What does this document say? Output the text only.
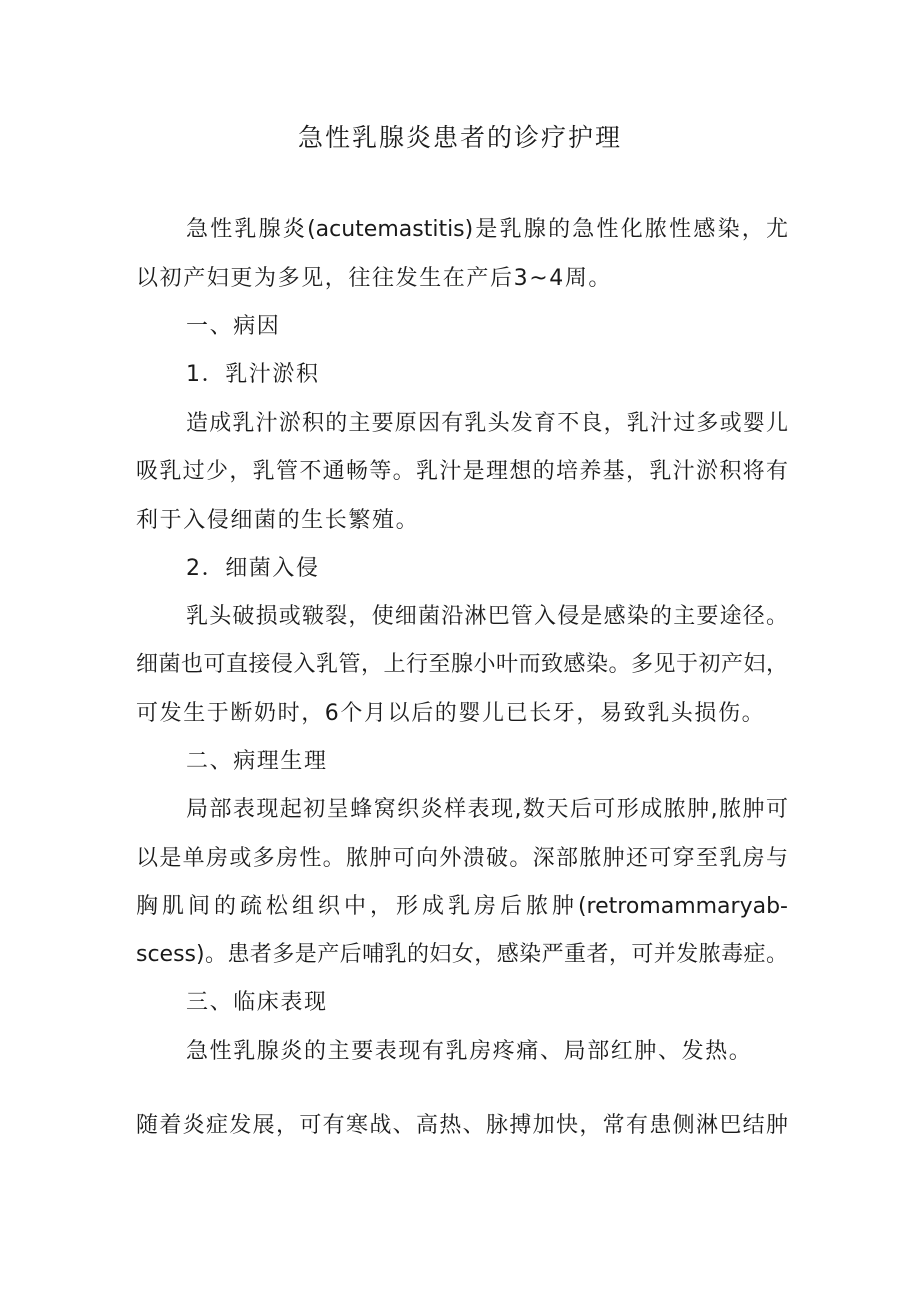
急性乳腺炎患者的诊疗护理
急性乳腺炎(acutemastitis)是乳腺的急性化脓性感染，尤
以初产妇更为多见，往往发生在产后3~4周。
一、病因
1．乳汁淤积
造成乳汁淤积的主要原因有乳头发育不良，乳汁过多或婴儿
吸乳过少，乳管不通畅等。乳汁是理想的培养基，乳汁淤积将有
利于入侵细菌的生长繁殖。
2．细菌入侵
乳头破损或皲裂，使细菌沿淋巴管入侵是感染的主要途径。
细菌也可直接侵入乳管，上行至腺小叶而致感染。多见于初产妇，
可发生于断奶时，6个月以后的婴儿已长牙，易致乳头损伤。
二、病理生理
局部表现起初呈蜂窝织炎样表现,数天后可形成脓肿,脓肿可
以是单房或多房性。脓肿可向外溃破。深部脓肿还可穿至乳房与
胸肌间的疏松组织中，形成乳房后脓肿(retromammaryab-
scess)。患者多是产后哺乳的妇女，感染严重者，可并发脓毒症。
三、临床表现
急性乳腺炎的主要表现有乳房疼痛、局部红肿、发热。
随着炎症发展，可有寒战、高热、脉搏加快，常有患侧淋巴结肿
